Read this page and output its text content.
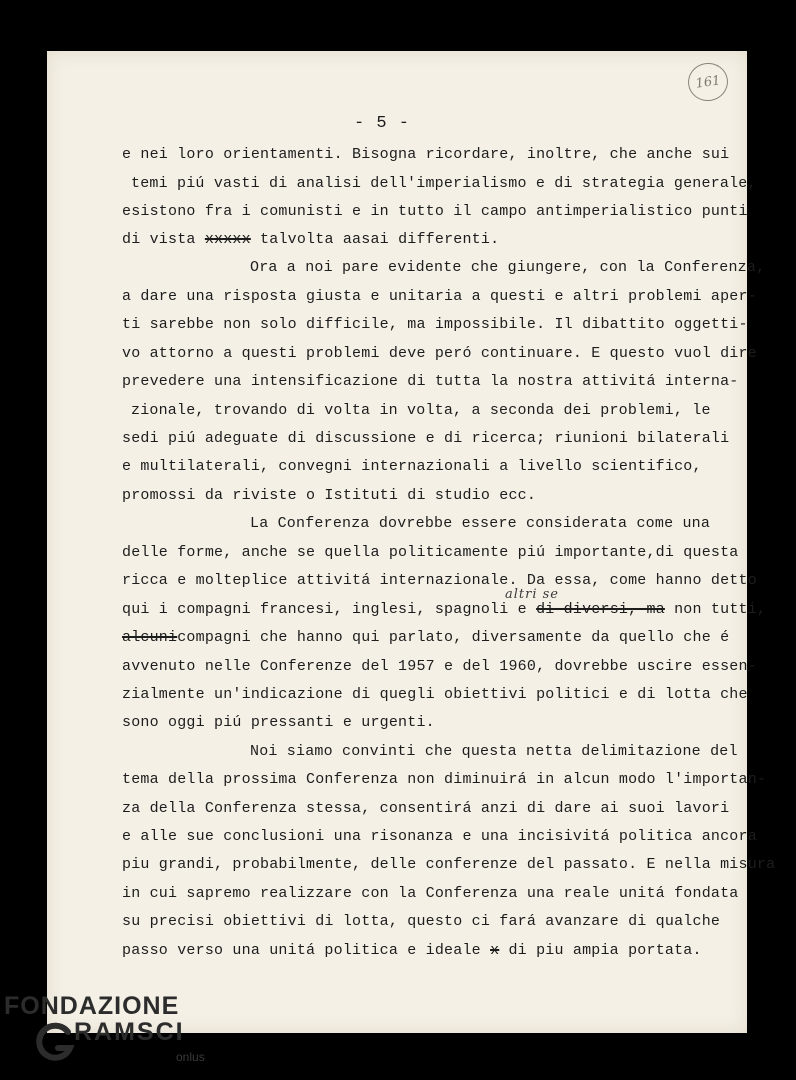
161
- 5 -
e nei loro orientamenti. Bisogna ricordare, inoltre, che anche sui
temi piú vasti di analisi dell'imperialismo e di strategia generale,
esistono fra i comunisti e in tutto il campo antimperialistico punti
di vista xxxxx talvolta aasai differenti.
Ora a noi pare evidente che giungere, con la Conferenza,
a dare una risposta giusta e unitaria a questi e altri problemi aper-
ti sarebbe non solo difficile, ma impossibile. Il dibattito oggetti-
vo attorno a questi problemi deve peró continuare. E questo vuol dire
prevedere una intensificazione di tutta la nostra attivitá interna-
zionale, trovando di volta in volta, a seconda dei problemi, le
sedi piú adeguate di discussione e di ricerca; riunioni bilaterali
e multilaterali, convegni internazionali a livello scientifico,
promossi da riviste o Istituti di studio ecc.
La Conferenza dovrebbe essere considerata come una
delle forme, anche se quella politicamente piú importante,di questa
ricca e molteplice attivitá internazionale. Da essa, come hanno detto
altri se
qui i compagni francesi, inglesi, spagnoli e di diversi, ma non tutti,
alcunicompagni che hanno qui parlato, diversamente da quello che é
avvenuto nelle Conferenze del 1957 e del 1960, dovrebbe uscire essen-
zialmente un'indicazione di quegli obiettivi politici e di lotta che
sono oggi piú pressanti e urgenti.
Noi siamo convinti che questa netta delimitazione del
tema della prossima Conferenza non diminuirá in alcun modo l'importan-
za della Conferenza stessa, consentirá anzi di dare ai suoi lavori
e alle sue conclusioni una risonanza e una incisivitá politica ancora
piu grandi, probabilmente, delle conferenze del passato. E nella misura
in cui sapremo realizzare con la Conferenza una reale unitá fondata
su precisi obiettivi di lotta, questo ci fará avanzare di qualche
passo verso una unitá politica e ideale x di piu ampia portata.
FONDAZIONE
RAMSCI
onlus
